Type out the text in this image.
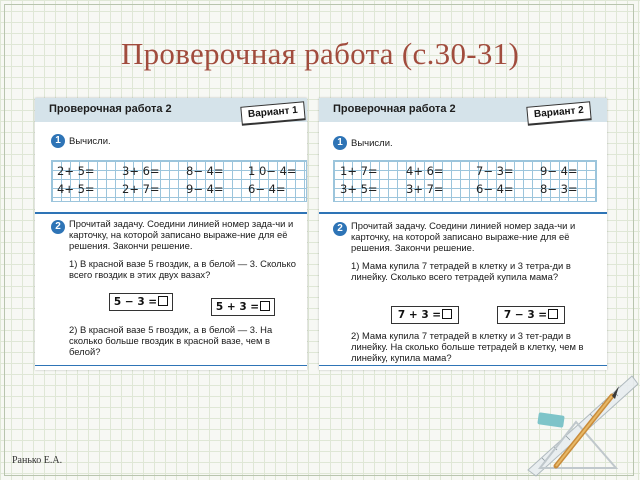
Проверочная работа (с.30-31)
Проверочная работа 2	Вариант 1
1 Вычисли.
2+ 5= 3+ 6= 8− 4= 1 0− 4=
4+ 5= 2+ 7= 9− 4= 6− 4=
2 Прочитай задачу. Соедини линией номер зада-чи и карточку, на которой записано выраже-ние для её решения. Закончи решение.
1) В красной вазе 5 гвоздик, а в белой — 3. Сколько всего гвоздик в этих двух вазах?
5 − 3 =	5 + 3 =
2) В красной вазе 5 гвоздик, а в белой — 3. На сколько больше гвоздик в красной вазе, чем в белой?
Проверочная работа 2	Вариант 2
1 Вычисли.
1+ 7= 4+ 6=	7− 3= 9− 4=
3+ 5= 3+ 7=	6− 4= 8− 3=
2 Прочитай задачу. Соедини линией номер зада-чи и карточку, на которой записано выраже-ние для её решения. Закончи решение.
1) Мама купила 7 тетрадей в клетку и 3 тетра-ди в линейку. Сколько всего тетрадей купила мама?
7 + 3 =	7 − 3 =
2) Мама купила 7 тетрадей в клетку и 3 тет-ради в линейку. На сколько больше тетрадей в клетку, чем в линейку, купила мама?
Ранько Е.А.
